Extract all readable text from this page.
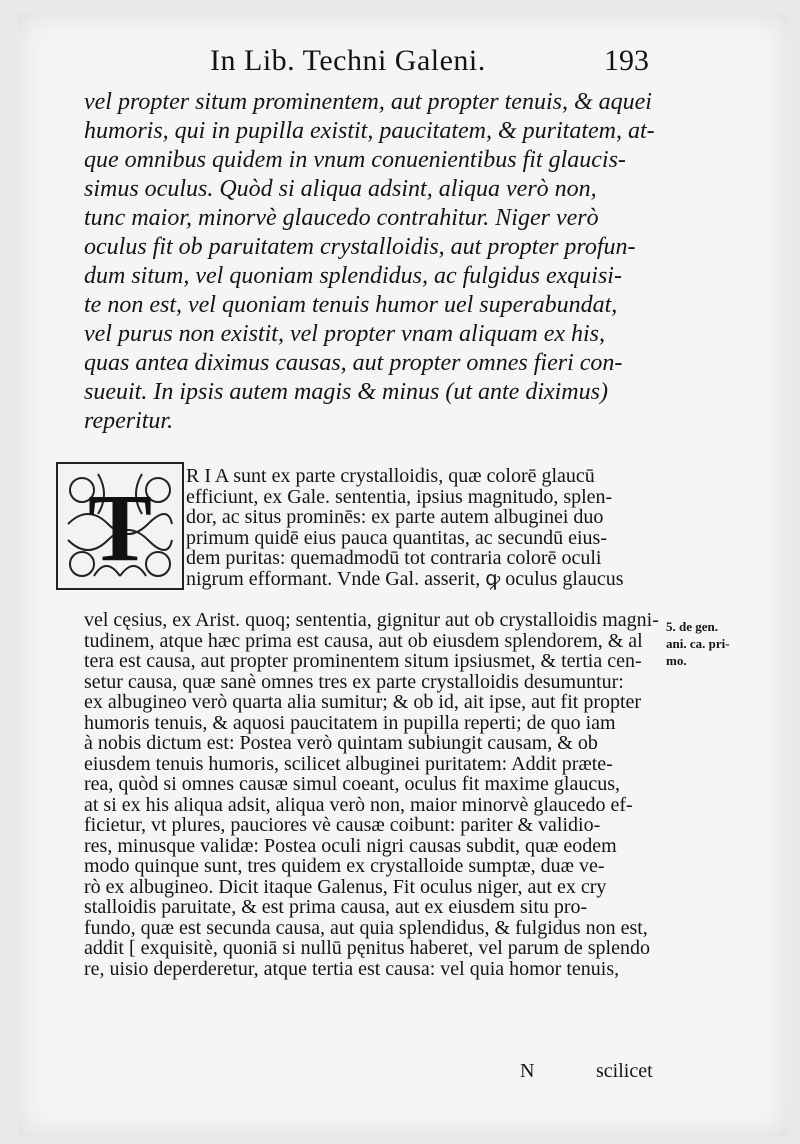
In Lib. Techni Galeni.	193
vel propter situm prominentem, aut propter tenuis, & aquei
humoris, qui in pupilla existit, paucitatem, & puritatem, at-
que omnibus quidem in vnum conuenientibus fit glaucis-
simus oculus. Quòd si aliqua adsint, aliqua verò non,
tunc maior, minorvè glaucedo contrahitur. Niger verò
oculus fit ob paruitatem crystalloidis, aut propter profun-
dum situm, vel quoniam splendidus, ac fulgidus exquisi-
te non est, vel quoniam tenuis humor uel superabundat,
vel purus non existit, vel propter vnam aliquam ex his,
quas antea diximus causas, aut propter omnes fieri con-
sueuit. In ipsis autem magis & minus (ut ante diximus)
reperitur.
T R I A sunt ex parte crystalloidis, quæ colorē glaucū
efficiunt, ex Gale. sententia, ipsius magnitudo, splen-
dor, ac situs prominēs: ex parte autem albuginei duo
primum quidē eius pauca quantitas, ac secundū eius-
dem puritas: quemadmodū tot contraria colorē oculi
nigrum efformant. Vnde Gal. asserit, ꝙ oculus glaucus
vel cęsius, ex Arist. quoq; sententia, gignitur aut ob crystalloidis magni-
tudinem, atque hæc prima est causa, aut ob eiusdem splendorem, & al
tera est causa, aut propter prominentem situm ipsiusmet, & tertia cen-
setur causa, quæ sanè omnes tres ex parte crystalloidis desumuntur:
ex albugineo verò quarta alia sumitur; & ob id, ait ipse, aut fit propter
humoris tenuis, & aquosi paucitatem in pupilla reperti; de quo iam
à nobis dictum est: Postea verò quintam subiungit causam, & ob
eiusdem tenuis humoris, scilicet albuginei puritatem: Addit præte-
rea, quòd si omnes causæ simul coeant, oculus fit maxime glaucus,
at si ex his aliqua adsit, aliqua verò non, maior minorvè glaucedo ef-
ficietur, vt plures, pauciores vè causæ coibunt: pariter & validio-
res, minusque validæ: Postea oculi nigri causas subdit, quæ eodem
modo quinque sunt, tres quidem ex crystalloide sumptæ, duæ ve-
rò ex albugineo. Dicit itaque Galenus, Fit oculus niger, aut ex cry
stalloidis paruitate, & est prima causa, aut ex eiusdem situ pro-
fundo, quæ est secunda causa, aut quia splendidus, & fulgidus non est,
addit [ exquisitè, quoniā si nullū pęnitus haberet, vel parum de splendo
re, uisio deperderetur, atque tertia est causa: vel quia homor tenuis,
5. de gen.
ani. ca. pri-
mo.
N	scilicet
